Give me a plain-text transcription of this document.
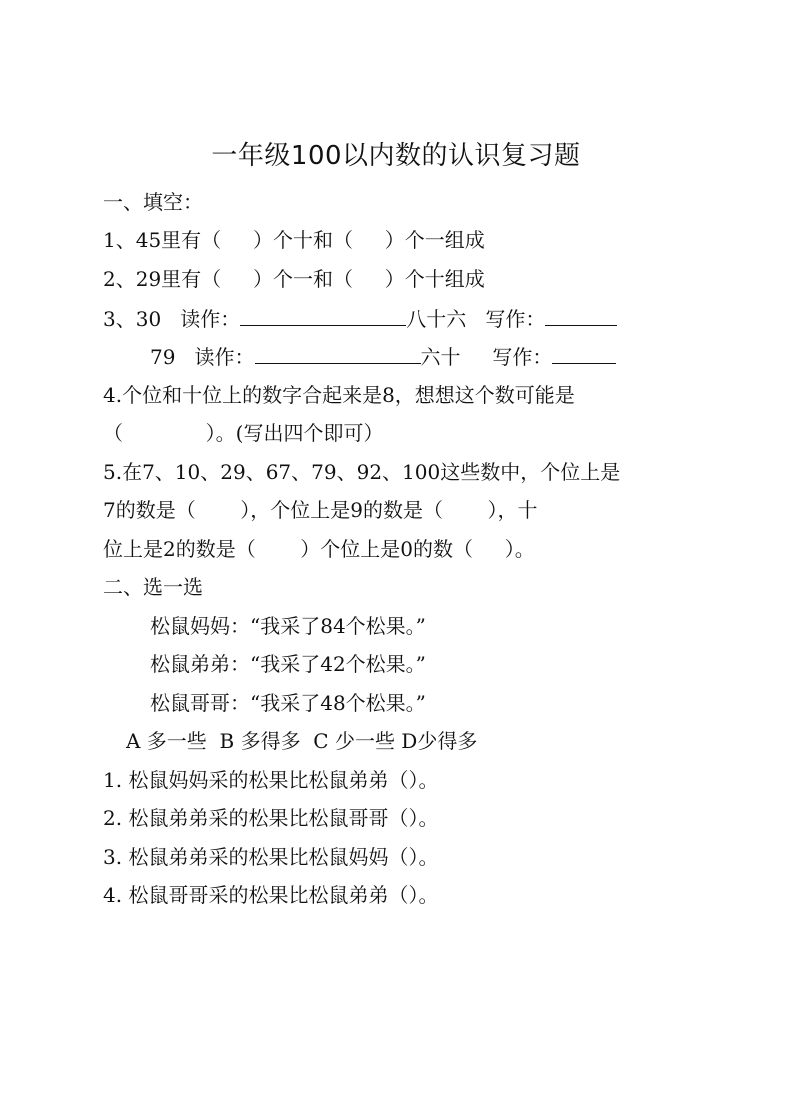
一年级100以内数的认识复习题
一、填空：
1、45里有（     ）个十和（     ）个一组成
2、29里有（     ）个一和（     ）个十组成
3、30   读作：	八十六   写作：
79   读作：	六十     写作：
4.个位和十位上的数字合起来是8，想想这个数可能是
（             ）。(写出四个即可）
5.在7、10、29、67、79、92、100这些数中，个位上是
7的数是（       ），个位上是9的数是（       ），十
位上是2的数是（       ）个位上是0的数（     ）。
二、选一选
松鼠妈妈：“我采了84个松果。”
松鼠弟弟：“我采了42个松果。”
松鼠哥哥：“我采了48个松果。”
A 多一些  B 多得多  C 少一些 D少得多
1. 松鼠妈妈采的松果比松鼠弟弟（）。
2. 松鼠弟弟采的松果比松鼠哥哥（）。
3. 松鼠弟弟采的松果比松鼠妈妈（）。
4. 松鼠哥哥采的松果比松鼠弟弟（）。
